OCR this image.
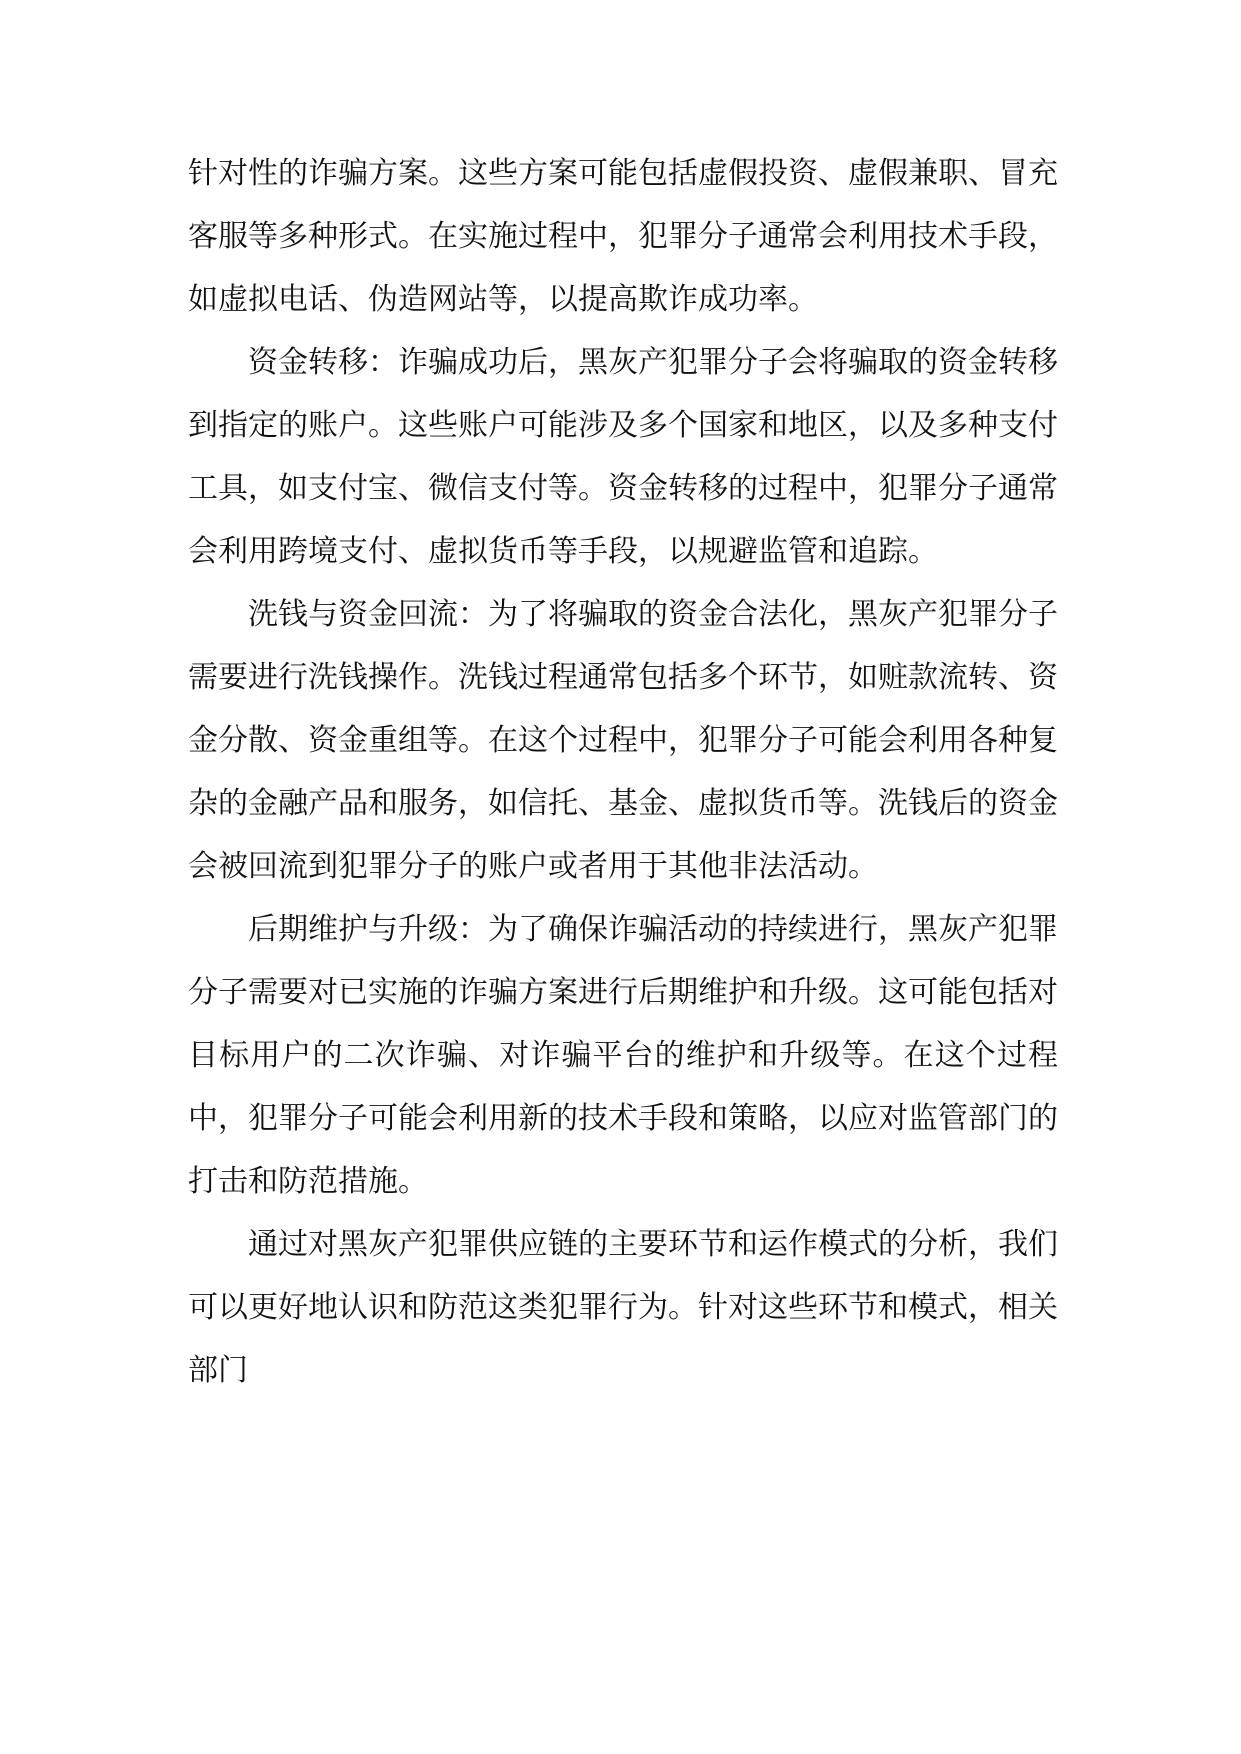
针对性的诈骗方案。这些方案可能包括虚假投资、虚假兼职、冒充客服等多种形式。在实施过程中，犯罪分子通常会利用技术手段，如虚拟电话、伪造网站等，以提高欺诈成功率。

资金转移：诈骗成功后，黑灰产犯罪分子会将骗取的资金转移到指定的账户。这些账户可能涉及多个国家和地区，以及多种支付工具，如支付宝、微信支付等。资金转移的过程中，犯罪分子通常会利用跨境支付、虚拟货币等手段，以规避监管和追踪。

洗钱与资金回流：为了将骗取的资金合法化，黑灰产犯罪分子需要进行洗钱操作。洗钱过程通常包括多个环节，如赃款流转、资金分散、资金重组等。在这个过程中，犯罪分子可能会利用各种复杂的金融产品和服务，如信托、基金、虚拟货币等。洗钱后的资金会被回流到犯罪分子的账户或者用于其他非法活动。

后期维护与升级：为了确保诈骗活动的持续进行，黑灰产犯罪分子需要对已实施的诈骗方案进行后期维护和升级。这可能包括对目标用户的二次诈骗、对诈骗平台的维护和升级等。在这个过程中，犯罪分子可能会利用新的技术手段和策略，以应对监管部门的打击和防范措施。

通过对黑灰产犯罪供应链的主要环节和运作模式的分析，我们可以更好地认识和防范这类犯罪行为。针对这些环节和模式，相关部门
